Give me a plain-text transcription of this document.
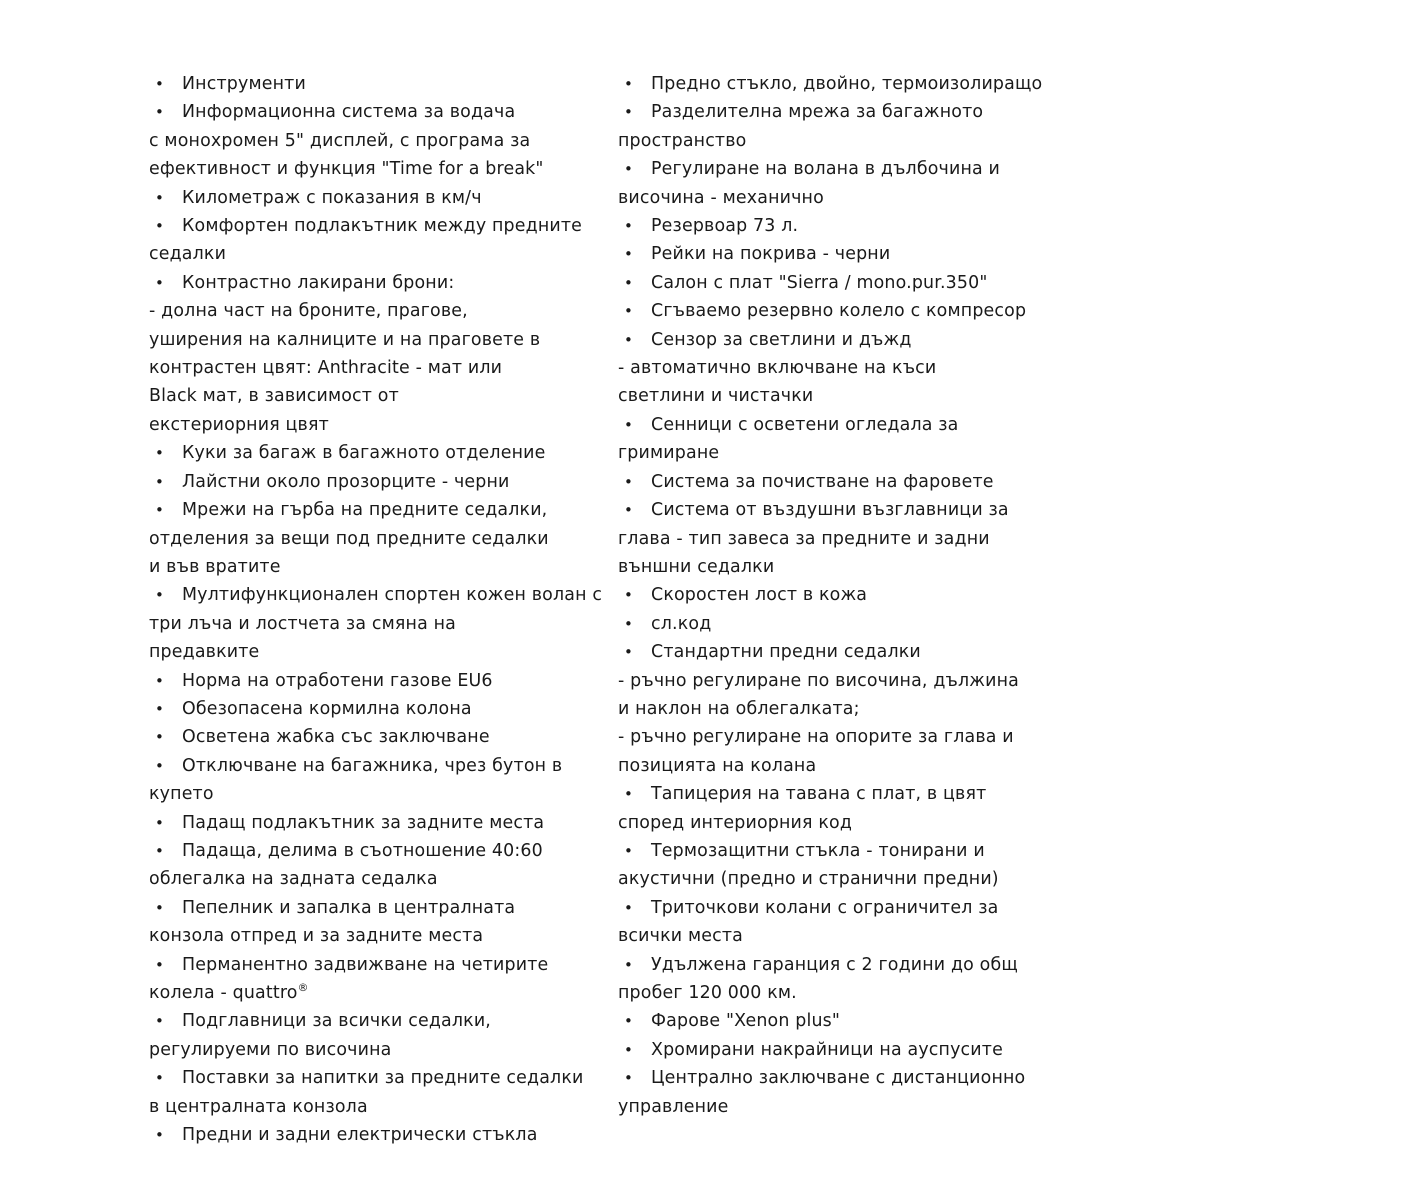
•	Инструменти
•	Информационна система за водача
с монохромен 5" дисплей, с програма за
ефективност и функция "Time for a break"
•	Километраж с показания в км/ч
•	Комфортен подлакътник между предните
седалки
•	Контрастно лакирани брони:
- долна част на броните, прагове,
уширения на калниците и на праговете в
контрастен цвят: Anthracite - мат или
Black мат, в зависимост от
екстериорния цвят
•	Куки за багаж в багажното отделение
•	Лайстни около прозорците - черни
•	Мрежи на гърба на предните седалки,
отделения за вещи под предните седалки
и във вратите
•	Мултифункционален спортен кожен волан с
три лъча и лостчета за смяна на
предавките
•	Норма на отработени газове EU6
•	Обезопасена кормилна колона
•	Осветена жабка със заключване
•	Отключване на багажника, чрез бутон в
купето
•	Падащ подлакътник за задните места
•	Падаща, делима в съотношение 40:60
облегалка на задната седалка
•	Пепелник и запалка в централната
конзола отпред и за задните места
•	Перманентно задвижване на четирите
колела - quattro®
•	Подглавници за всички седалки,
регулируеми по височина
•	Поставки за напитки за предните седалки
в централната конзола
•	Предни и задни електрически стъкла
•	Предно стъкло, двойно, термоизолиращо
•	Разделителна мрежа за багажното
пространство
•	Регулиране на волана в дълбочина и
височина - механично
•	Резервоар 73 л.
•	Рейки на покрива - черни
•	Салон с плат "Sierra / mono.pur.350"
•	Сгъваемо резервно колело с компресор
•	Сензор за светлини и дъжд
- автоматично включване на къси
светлини и чистачки
•	Сенници с осветени огледала за
гримиране
•	Система за почистване на фаровете
•	Система от въздушни възглавници за
глава - тип завеса за предните и задни
външни седалки
•	Скоростен лост в кожа
•	сл.код
•	Стандартни предни седалки
- ръчно регулиране по височина, дължина
и наклон на облегалката;
- ръчно регулиране на опорите за глава и
позицията на колана
•	Тапицерия на тавана с плат, в цвят
според интериорния код
•	Термозащитни стъкла - тонирани и
акустични (предно и странични предни)
•	Триточкови колани с ограничител за
всички места
•	Удължена гаранция с 2 години до общ
пробег 120 000 км.
•	Фарове "Xenon plus"
•	Хромирани накрайници на ауспусите
•	Централно заключване с дистанционно
управление
